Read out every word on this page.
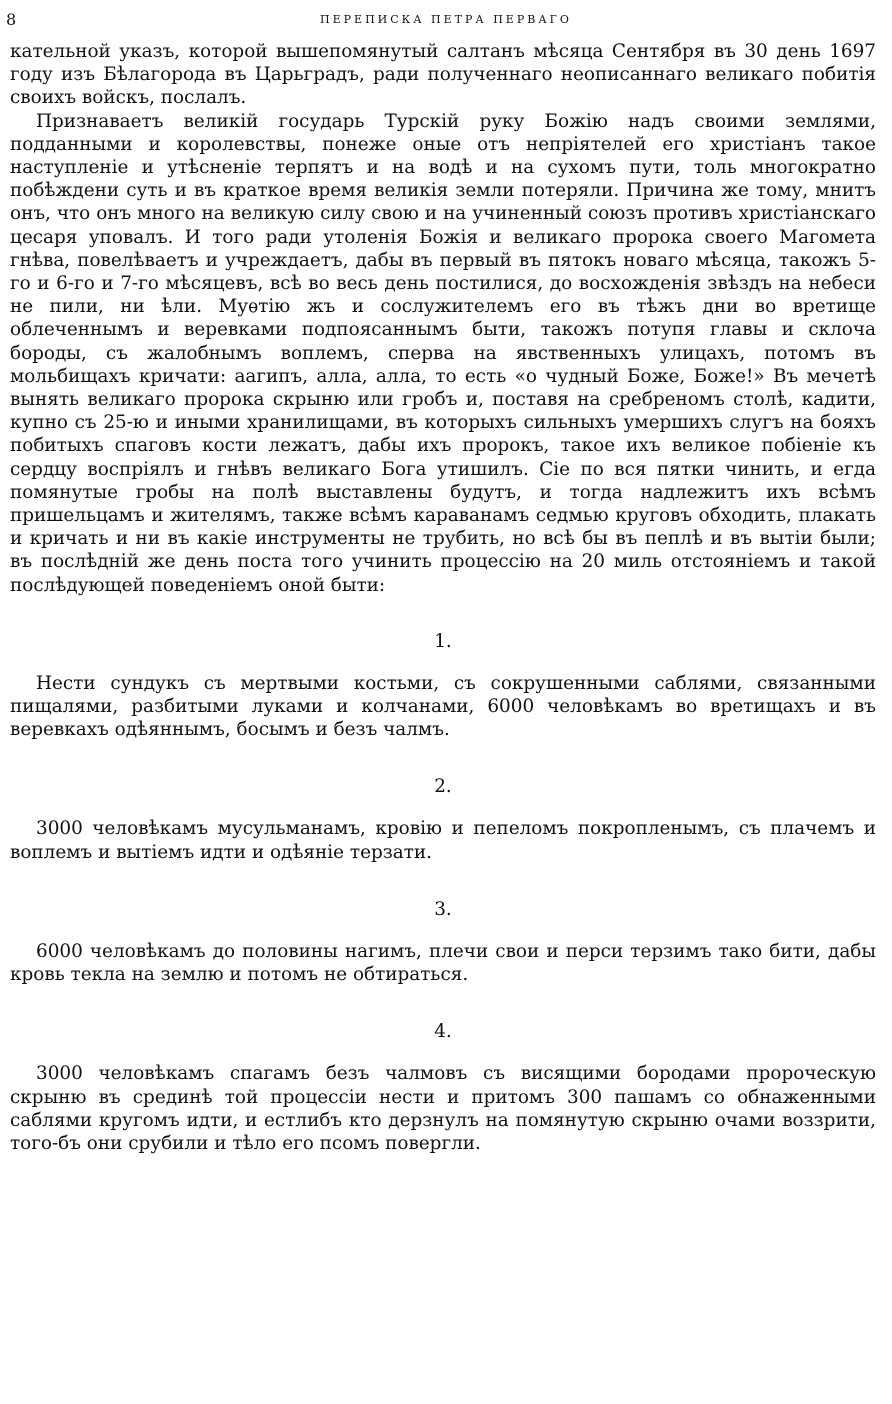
8	ПЕРЕПИСКА ПЕТРА ПЕРВАГО

кательной указъ, которой вышепомянутый салтанъ мѣсяца Сентября въ 30 день 1697 году изъ Бѣлагорода въ Царьградъ, ради полученнаго неописаннаго великаго побитія своихъ войскъ, послалъ.

Признаваетъ великій государь Турскій руку Божію надъ своими землями, подданными и королевствы, понеже оные отъ непріятелей его христіанъ такое наступленіе и утѣсненіе терпятъ и на водѣ и на сухомъ пути, толь многократно побѣждени суть и въ краткое время великія земли потеряли. Причина же тому, мнитъ онъ, что онъ много на великую силу свою и на учиненный союзъ противъ христіанскаго цесаря уповалъ. И того ради утоленія Божія и великаго пророка своего Магомета гнѣва, повелѣваетъ и учреждаетъ, дабы въ первый въ пятокъ новаго мѣсяца, такожъ 5-го и 6-го и 7-го мѣсяцевъ, всѣ во весь день постилися, до восхожденія звѣздъ на небеси не пили, ни ѣли. Муѳтію жъ и сослужителемъ его въ тѣжъ дни во вретище облеченнымъ и веревками подпоясаннымъ быти, такожъ потупя главы и склоча бороды, съ жалобнымъ воплемъ, сперва на явственныхъ улицахъ, потомъ въ мольбищахъ кричати: аагипъ, алла, алла, то есть «о чудный Боже, Боже!» Въ мечетѣ вынять великаго пророка скрыню или гробъ и, поставя на сребреномъ столѣ, кадити, купно съ 25-ю и иными хранилищами, въ которыхъ сильныхъ умершихъ слугъ на бояхъ побитыхъ спаговъ кости лежатъ, дабы ихъ пророкъ, такое ихъ великое побіеніе къ сердцу воспріялъ и гнѣвъ великаго Бога утишилъ. Сіе по вся пятки чинить, и егда помянутые гробы на полѣ выставлены будутъ, и тогда надлежитъ ихъ всѣмъ пришельцамъ и жителямъ, также всѣмъ караванамъ седмью круговъ обходить, плакать и кричать и ни въ какіе инструменты не трубить, но всѣ бы въ пеплѣ и въ вытіи были; въ послѣдній же день поста того учинить процессію на 20 миль отстояніемъ и такой послѣдующей поведеніемъ оной быти:

1.

Нести сундукъ съ мертвыми костьми, съ сокрушенными саблями, связанными пищалями, разбитыми луками и колчанами, 6000 человѣкамъ во вретищахъ и въ веревкахъ одѣяннымъ, босымъ и безъ чалмъ.

2.

3000 человѣкамъ мусульманамъ, кровію и пепеломъ покропленымъ, съ плачемъ и воплемъ и вытіемъ идти и одѣяніе терзати.

3.

6000 человѣкамъ до половины нагимъ, плечи свои и перси терзимъ тако бити, дабы кровь текла на землю и потомъ не обтираться.

4.

3000 человѣкамъ спагамъ безъ чалмовъ съ висящими бородами пророческую скрыню въ срединѣ той процессіи нести и притомъ 300 пашамъ со обнаженными саблями кругомъ идти, и естлибъ кто дерзнулъ на помянутую скрыню очами воззрити, того-бъ они срубили и тѣло его псомъ повергли.
